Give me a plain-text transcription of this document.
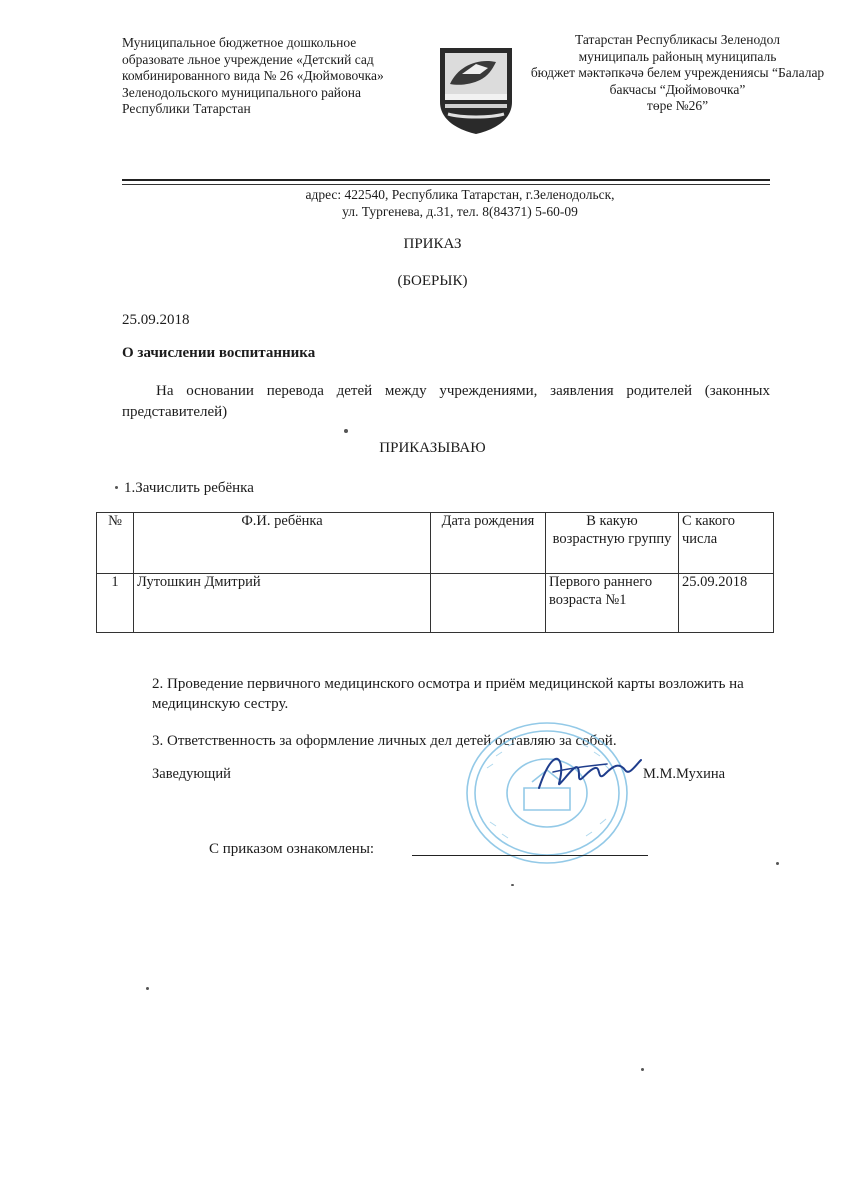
Муниципальное бюджетное дошкольное
образовате льное учреждение «Детский сад
комбинированного вида № 26 «Дюймовочка»
Зеленодольского муниципального района
Республики Татарстан
Татарстан Республикасы Зеленодол
муниципаль районың муниципаль
бюджет мәктәпкәчә белем учреждениясы “Балалар
бакчасы “Дюймовочка”
төре №26”
адрес: 422540, Республика Татарстан, г.Зеленодольск,
ул. Тургенева, д.31, тел. 8(84371) 5-60-09
ПРИКАЗ
(БОЕРЫК)
25.09.2018
О зачислении воспитанника
На основании перевода детей между учреждениями, заявления родителей (законных представителей)
ПРИКАЗЫВАЮ
1.Зачислить ребёнка
№	Ф.И. ребёнка	Дата рождения	В какую возрастную группу	С какого числа
1	Лутошкин Дмитрий		Первого раннего возраста №1	25.09.2018
2. Проведение первичного медицинского осмотра и приём медицинской карты возложить на медицинскую сестру.
3. Ответственность за оформление личных дел детей оставляю за собой.
Заведующий	М.М.Мухина
С приказом ознакомлены:
